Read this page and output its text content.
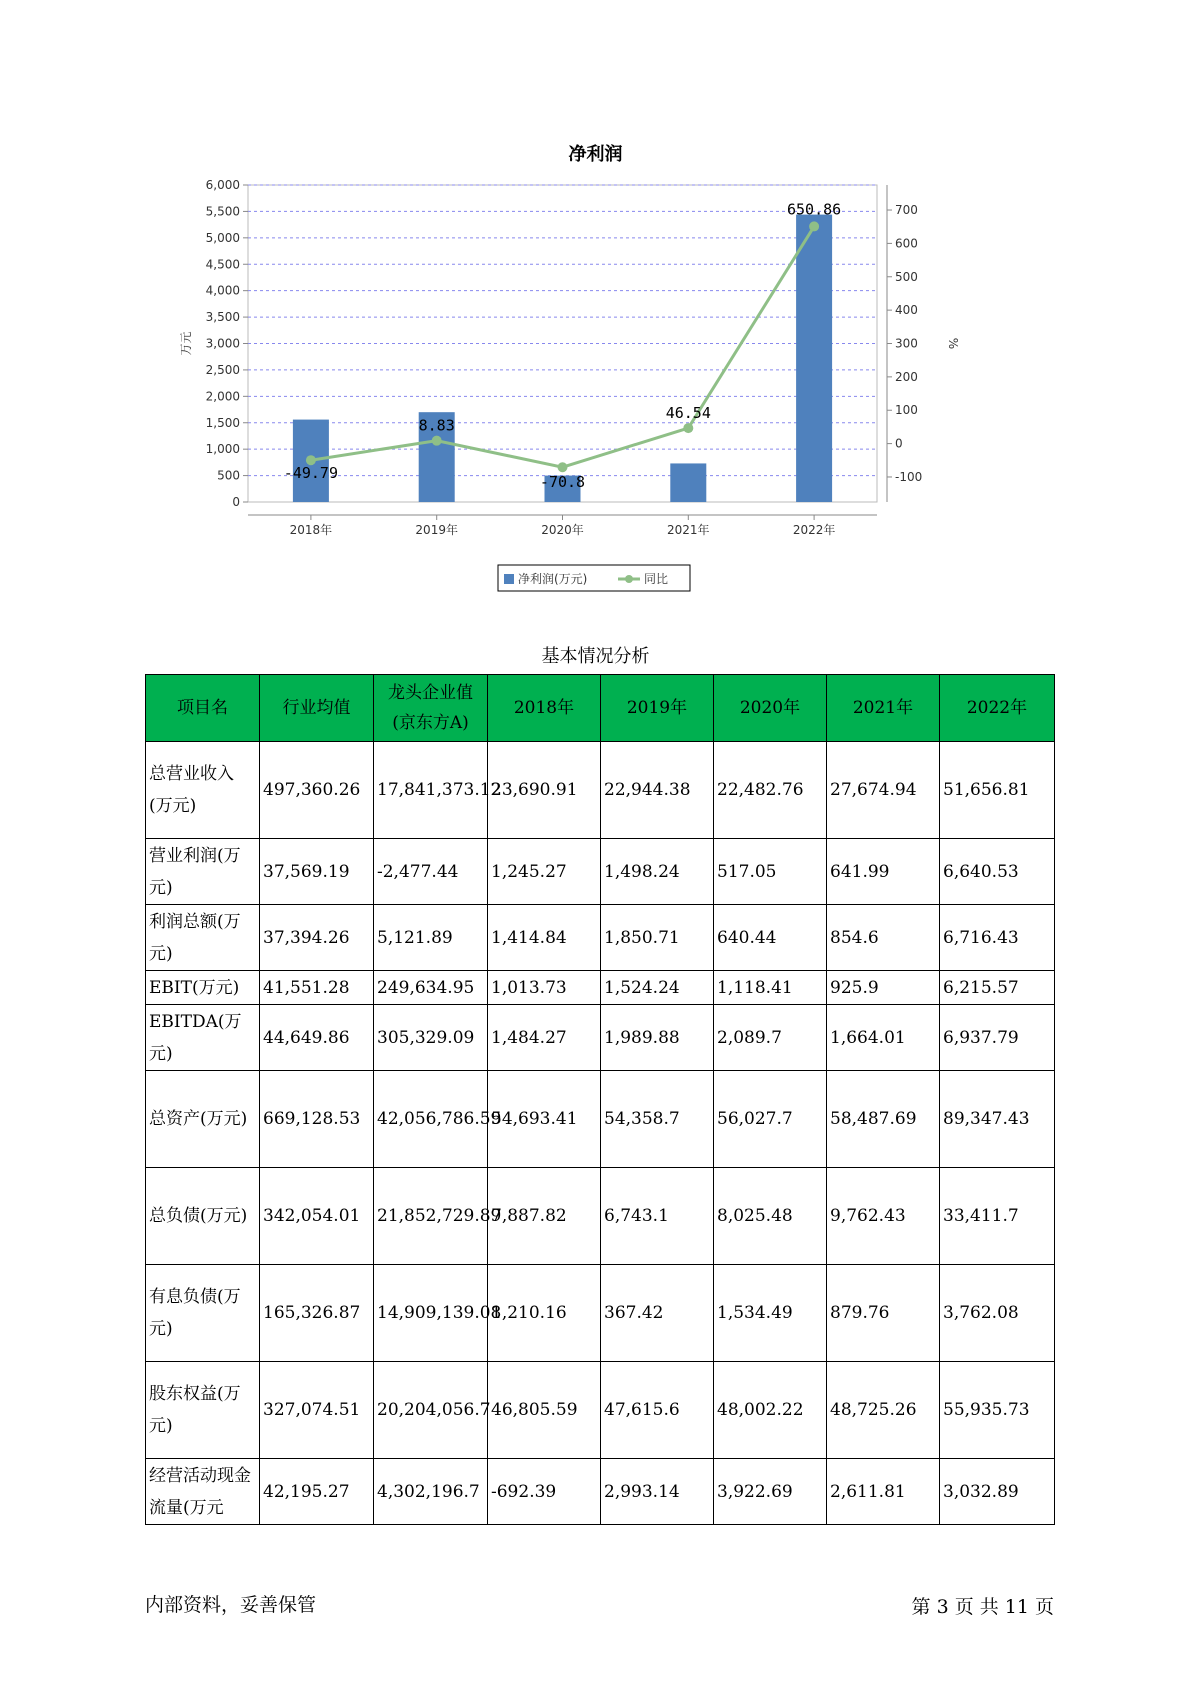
净利润
0
500
1,000
1,500
2,000
2,500
3,000
3,500
4,000
4,500
5,000
5,500
6,000
-100
0
100
200
300
400
500
600
700
万元	%
2018年	2019年	2020年	2021年	2022年
-49.79
8.83
-70.8
46.54
650.86
净利润(万元)	同比
基本情况分析
项目名	行业均值	龙头企业值(京东方A)	2018年	2019年	2020年	2021年	2022年
总营业收入(万元)	497,360.26	17,841,373.12	23,690.91	22,944.38	22,482.76	27,674.94	51,656.81
营业利润(万元)	37,569.19	-2,477.44	1,245.27	1,498.24	517.05	641.99	6,640.53
利润总额(万元)	37,394.26	5,121.89	1,414.84	1,850.71	640.44	854.6	6,716.43
EBIT(万元)	41,551.28	249,634.95	1,013.73	1,524.24	1,118.41	925.9	6,215.57
EBITDA(万元)	44,649.86	305,329.09	1,484.27	1,989.88	2,089.7	1,664.01	6,937.79
总资产(万元)	669,128.53	42,056,786.59	54,693.41	54,358.7	56,027.7	58,487.69	89,347.43
总负债(万元)	342,054.01	21,852,729.89	7,887.82	6,743.1	8,025.48	9,762.43	33,411.7
有息负债(万元)	165,326.87	14,909,139.08	1,210.16	367.42	1,534.49	879.76	3,762.08
股东权益(万元)	327,074.51	20,204,056.7	46,805.59	47,615.6	48,002.22	48,725.26	55,935.73
经营活动现金流量(万元	42,195.27	4,302,196.7	-692.39	2,993.14	3,922.69	2,611.81	3,032.89
内部资料，妥善保管	第 3 页 共 11 页
